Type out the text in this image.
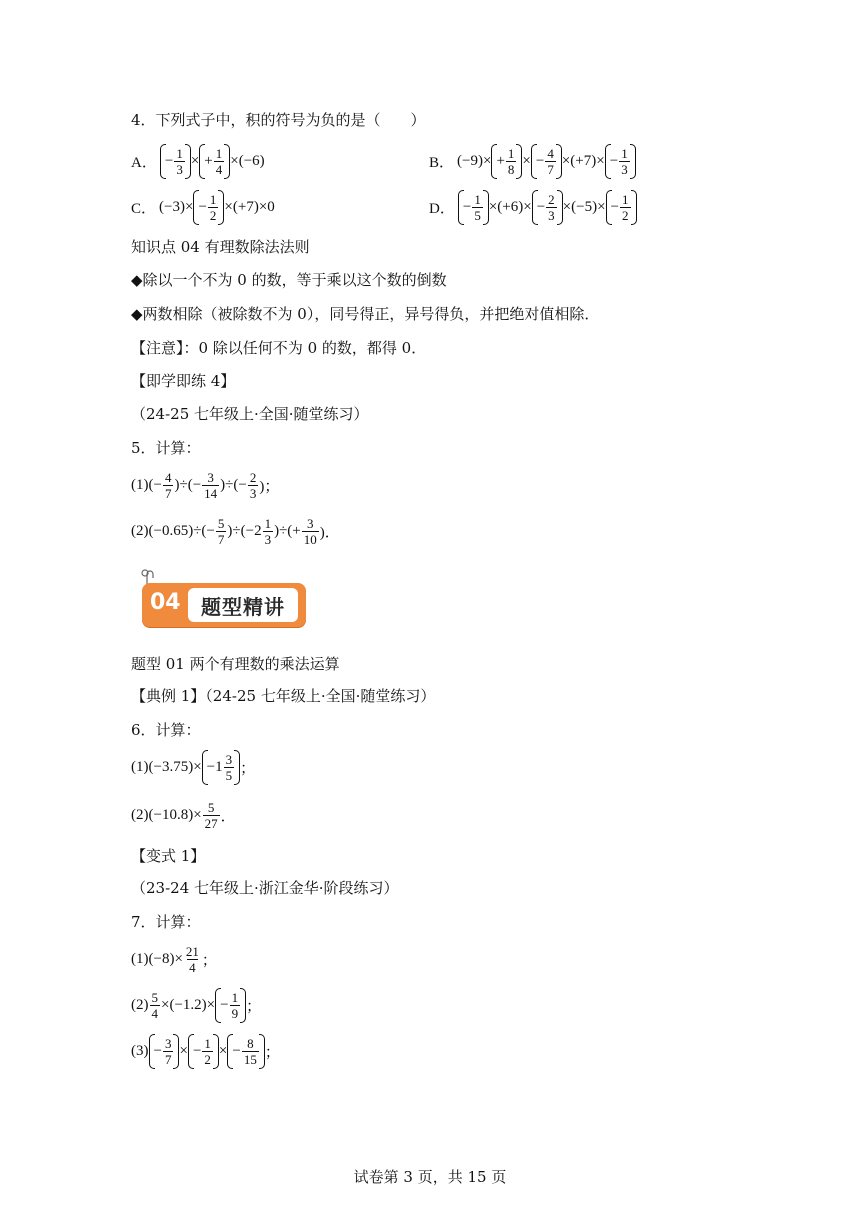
4．下列式子中，积的符号为负的是（　　）
A． − $\frac{1}{3}$ × + $\frac{1}{4} \times(-6)$	B． $(-9)\times + \frac{1}{8}$ × − $\frac{4}{7} \times(+7)\times - \frac{1}{3}$
C． $(-3)\times - \frac{1}{2} \times(+7)\times 0$	D． − $\frac{1}{5} \times(+6)\times - \frac{2}{3} \times(-5)\times - \frac{1}{2}$
知识点 04 有理数除法法则
◆除以一个不为 0 的数，等于乘以这个数的倒数
◆两数相除（被除数不为 0），同号得正，异号得负，并把绝对值相除．
【注意】：0 除以任何不为 0 的数，都得 0．
【即学即练 4】
（24-25 七年级上·全国·随堂练习）
5．计算：
(1) (− $\frac{4}{7}$ )÷(− $\frac{3}{14}$ )÷(− $\frac{2}{3}$ )；
(2) $(-0.65)\div(- \frac{5}{7} )\div(-2 \frac{1}{3}$ )÷(+ $\frac{3}{10}$ )．
04	题型精讲
题型 01 两个有理数的乘法运算
【典例 1】（24-25 七年级上·全国·随堂练习）
6．计算：
(1) $(-3.75)\times -1 \frac{3}{5}$ ；
(2) $(-10.8)\times \frac{5}{27}$ ．
【变式 1】
（23-24 七年级上·浙江金华·阶段练习）
7．计算：
(1) $(-8)\times \frac{21}{4}$ ；
$(2) \frac{5}{4} \times(-1.2)\times - \frac{1}{9}$ ；
$(3) - \frac{3}{7}$ × − $\frac{1}{2}$ × − $\frac{8}{15}$ ；
试卷第 3 页，共 15 页
